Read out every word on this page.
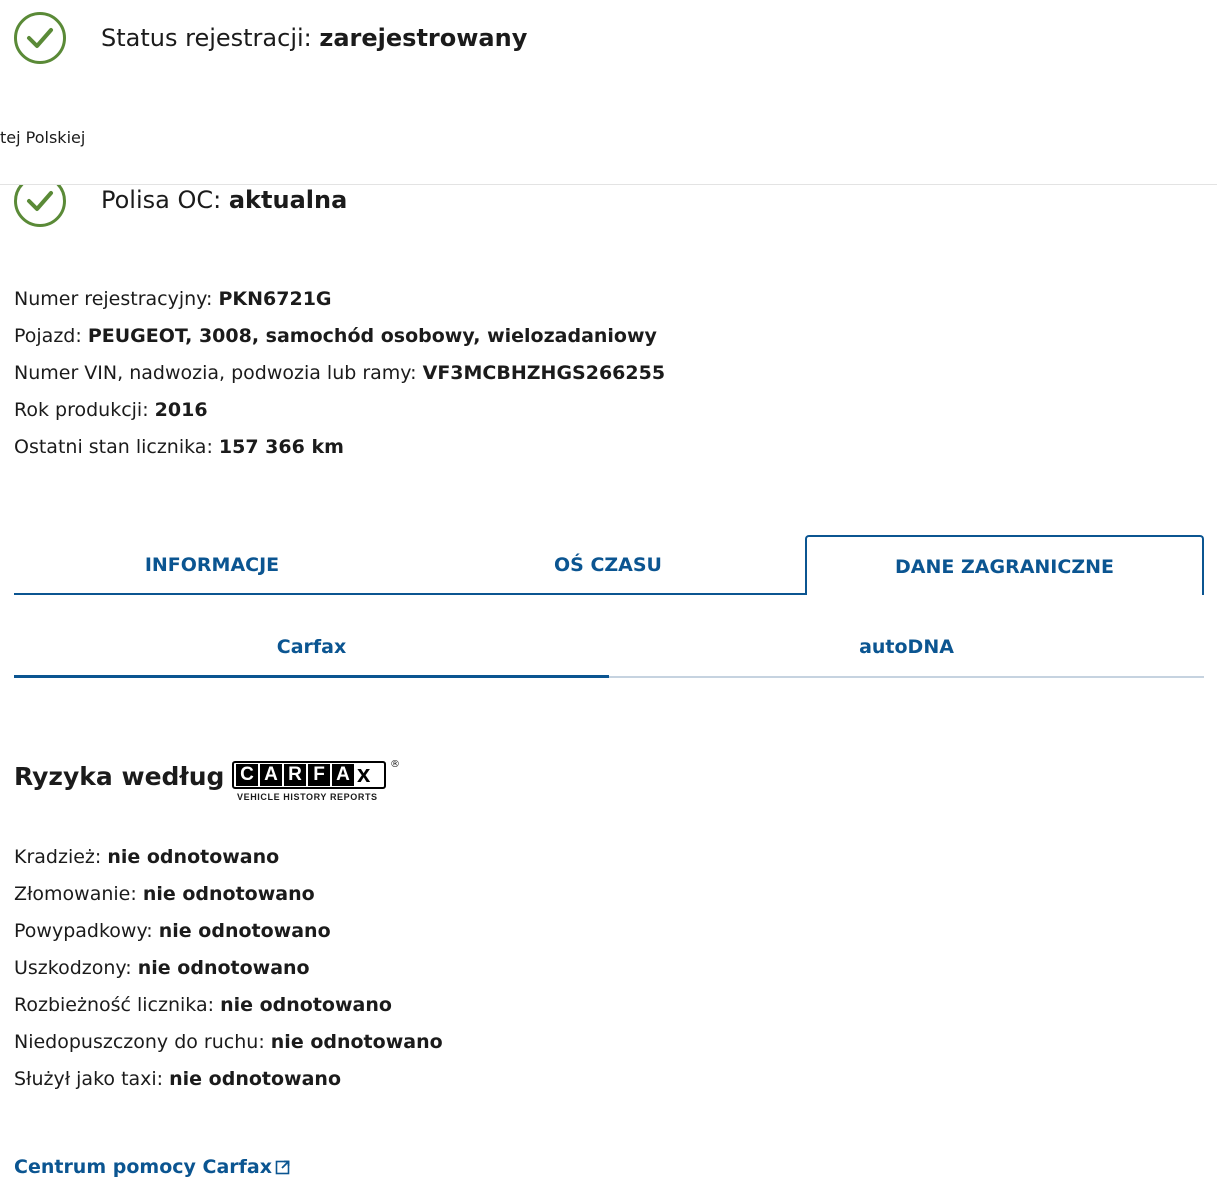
Status rejestracji: zarejestrowany
tej Polskiej
Polisa OC: aktualna
Numer rejestracyjny: PKN6721G
Pojazd: PEUGEOT, 3008, samochód osobowy, wielozadaniowy
Numer VIN, nadwozia, podwozia lub ramy: VF3MCBHZHGS266255
Rok produkcji: 2016
Ostatni stan licznika: 157 366 km
INFORMACJE	OŚ CZASU	DANE ZAGRANICZNE
Carfax	autoDNA
Ryzyka według C A R F A x
VEHICLE HISTORY REPORTS
®
Kradzież: nie odnotowano
Złomowanie: nie odnotowano
Powypadkowy: nie odnotowano
Uszkodzony: nie odnotowano
Rozbieżność licznika: nie odnotowano
Niedopuszczony do ruchu: nie odnotowano
Służył jako taxi: nie odnotowano
Centrum pomocy Carfax
